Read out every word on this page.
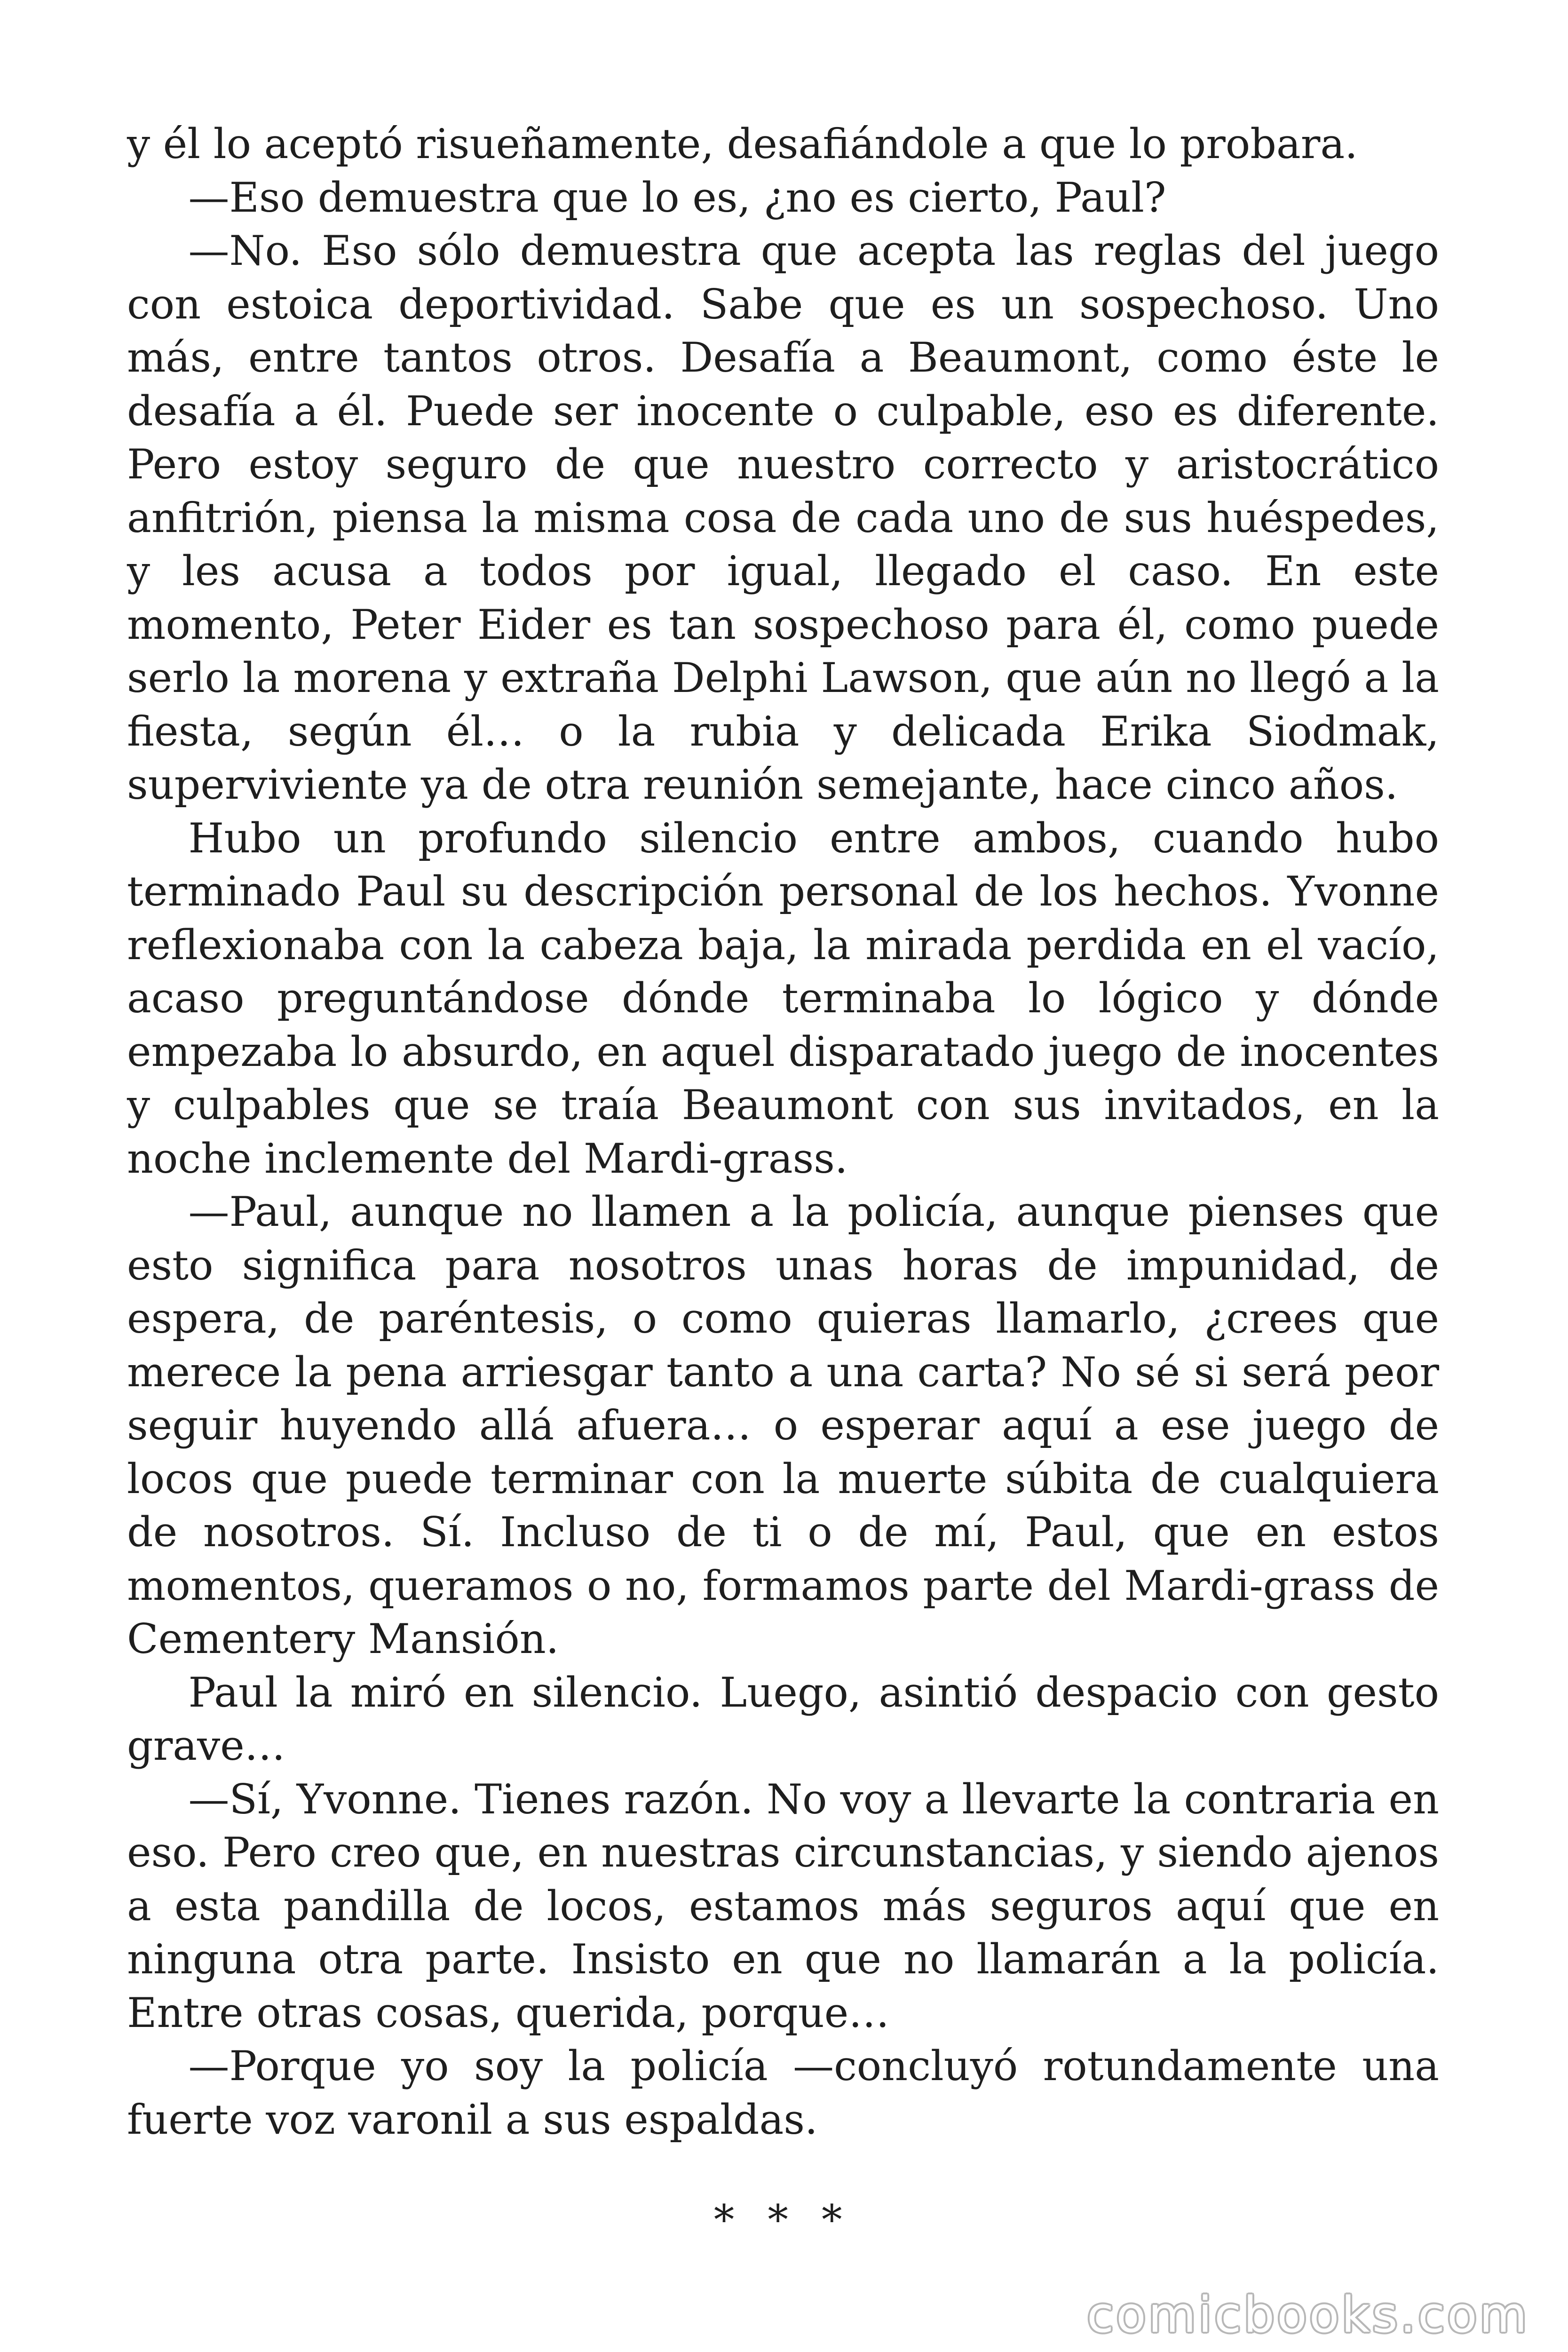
y él lo aceptó risueñamente, desafiándole a que lo probara.

—Eso demuestra que lo es, ¿no es cierto, Paul?

—No. Eso sólo demuestra que acepta las reglas del juego con estoica deportividad. Sabe que es un sospechoso. Uno más, entre tantos otros. Desafía a Beaumont, como éste le desafía a él. Puede ser inocente o culpable, eso es diferente. Pero estoy seguro de que nuestro correcto y aristocrático anfitrión, piensa la misma cosa de cada uno de sus huéspedes, y les acusa a todos por igual, llegado el caso. En este momento, Peter Eider es tan sospechoso para él, como puede serlo la morena y extraña Delphi Lawson, que aún no llegó a la fiesta, según él… o la rubia y delicada Erika Siodmak, superviviente ya de otra reunión semejante, hace cinco años.

Hubo un profundo silencio entre ambos, cuando hubo terminado Paul su descripción personal de los hechos. Yvonne reflexionaba con la cabeza baja, la mirada perdida en el vacío, acaso preguntándose dónde terminaba lo lógico y dónde empezaba lo absurdo, en aquel disparatado juego de inocentes y culpables que se traía Beaumont con sus invitados, en la noche inclemente del Mardi-grass.

—Paul, aunque no llamen a la policía, aunque pienses que esto significa para nosotros unas horas de impunidad, de espera, de paréntesis, o como quieras llamarlo, ¿crees que merece la pena arriesgar tanto a una carta? No sé si será peor seguir huyendo allá afuera… o esperar aquí a ese juego de locos que puede terminar con la muerte súbita de cualquiera de nosotros. Sí. Incluso de ti o de mí, Paul, que en estos momentos, queramos o no, formamos parte del Mardi-grass de Cementery Mansión.

Paul la miró en silencio. Luego, asintió despacio con gesto grave…

—Sí, Yvonne. Tienes razón. No voy a llevarte la contraria en eso. Pero creo que, en nuestras circunstancias, y siendo ajenos a esta pandilla de locos, estamos más seguros aquí que en ninguna otra parte. Insisto en que no llamarán a la policía. Entre otras cosas, querida, porque…

—Porque yo soy la policía —concluyó rotundamente una fuerte voz varonil a sus espaldas.

* * *

comicbooks.com
